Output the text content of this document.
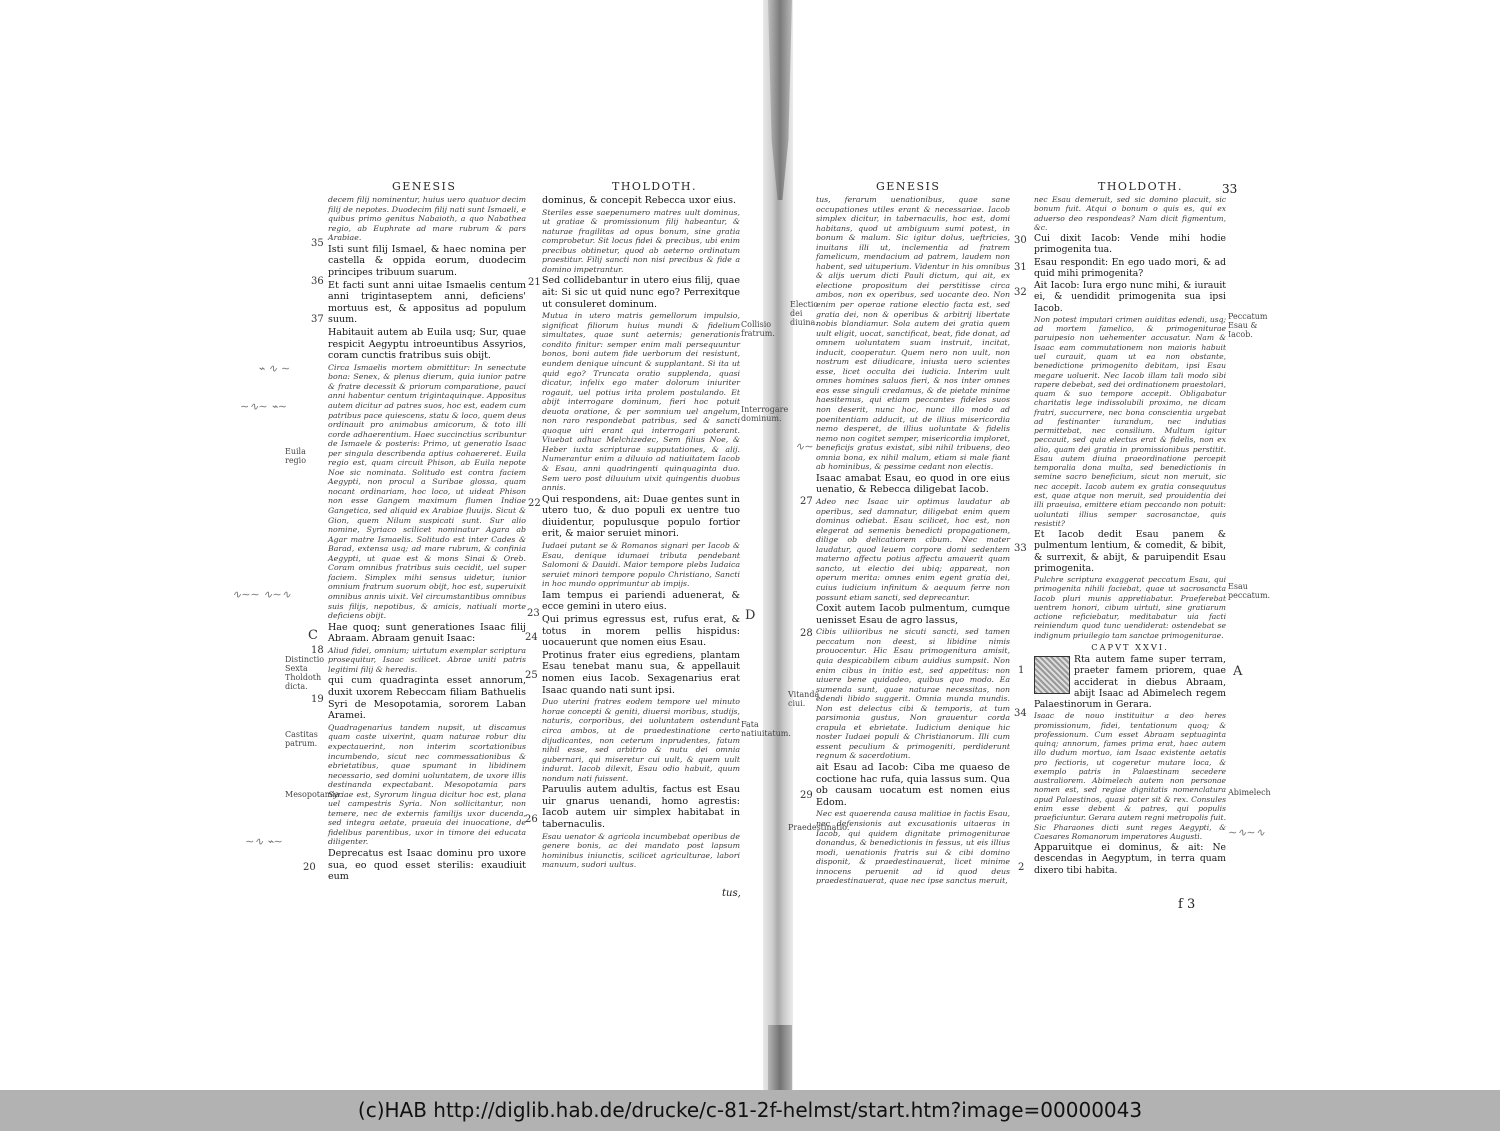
GENESIS	THOLDOTH.

decem filij nominentur, huius uero quatuor decim filij de nepotes. Duodecim filij nati sunt Ismaeli, e quibus primo genitus Nabaioth, a quo Nabathea regio, ab Euphrate ad mare rubrum & pars Arabiae.

Isti sunt filij Ismael, & haec nomina per castella & oppida eorum, duodecim principes tribuum suarum.

Et facti sunt anni uitae Ismaelis centum anni trigintaseptem anni, deficiens' mortuus est, & appositus ad populum suum.

Habitauit autem ab Euila usq; Sur, quae respicit Aegyptu introeuntibus Assyrios, coram cunctis fratribus suis obijt.

Circa Ismaelis mortem obmittitur: In senectute bona: Senex, & plenus dierum, quia iunior patre & fratre decessit & priorum comparatione, pauci anni habentur centum trigintaquinque. Appositus autem dicitur ad patres suos, hoc est, eadem cum patribus pace quiescens, statu & loco, quem deus ordinauit pro animabus amicorum, & toto illi corde adhaerentium. Haec succinctius scribuntur de Ismaele & posteris: Primo, ut generatio Isaac per singula describenda aptius cohaereret. Euila regio est, quam circuit Phison, ab Euila nepote Noe sic nominata. Solitudo est contra faciem Aegypti, non procul a Suribae glossa, quam nocant ordinariam, hoc loco, ut uideat Phison non esse Gangem maximum flumen Indiae Gangetica, sed aliquid ex Arabiae fluuijs. Sicut & Gion, quem Nilum suspicati sunt. Sur alio nomine, Syriaco scilicet nominatur Agara ab Agar matre Ismaelis. Solitudo est inter Cades & Barad, extensa usq; ad mare rubrum, & confinia Aegypti, ut quae est & mons Sinai & Oreb. Coram omnibus fratribus suis cecidit, uel super faciem. Simplex mihi sensus uidetur, iunior omnium fratrum suorum obijt, hoc est, superuixit omnibus annis uixit. Vel circumstantibus omnibus suis filijs, nepotibus, & amicis, natiuali morte deficiens obijt.

Hae quoq; sunt generationes Isaac filij Abraam. Abraam genuit Isaac:

Aliud fidei, omnium; uirtutum exemplar scriptura prosequitur, Isaac scilicet. Abrae uniti patris legitimi filij & heredis.

qui cum quadraginta esset annorum, duxit uxorem Rebeccam filiam Bathuelis Syri de Mesopotamia, sororem Laban Aramei.

Quadragenarius tandem nupsit, ut discamus quam caste uixerint, quam naturae robur diu expectauerint, non interim scortationibus incumbendo, sicut nec commessationibus & ebrietatibus, quae spumant in libidinem necessario, sed domini uoluntatem, de uxore illis destinanda expectabant. Mesopotamia pars Syriae est, Syrorum lingua dicitur hoc est, plana uel campestris Syria. Non sollicitantur, non temere, nec de externis familijs uxor ducenda, sed integra aetate, praeuia dei inuocatione, de fidelibus parentibus, uxor in timore dei educata diligenter.

Deprecatus est Isaac dominu pro uxore sua, eo quod esset sterilis: exaudiuit eum

dominus, & concepit Rebecca uxor eius.

Steriles esse saepenumero matres uult dominus, ut gratiae & promissionum filij habeantur, & naturae fragilitas ad opus bonum, sine gratia comprobetur. Sit locus fidei & precibus, ubi enim precibus obtinetur, quod ab aeterno ordinatum praestitur. Filij sancti non nisi precibus & fide a domino impetrantur.

Sed collidebantur in utero eius filij, quae ait: Si sic ut quid nunc ego? Perrexitque ut consuleret dominum.

Mutua in utero matris gemellorum impulsio, significat filiorum huius mundi & fidelium simultates, quae sunt aeternis; generationis condito finitur: semper enim mali persequuntur bonos, boni autem fide uerborum dei resistunt, eundem denique uincunt & supplantant. Si ita ut quid ego? Truncata oratio supplenda, quasi dicatur, infelix ego mater dolorum iniuriter rogauit, uel potius irita prolem postulando. Et abijt interrogare dominum, fieri hoc potuit deuota oratione, & per somnium uel angelum, non raro respondebat patribus, sed & sancti quoque uiri erant qui interrogari poterant. Viuebat adhuc Melchizedec, Sem filius Noe, & Heber iuxta scripturae supputationes, & alij. Numerantur enim a diluuio ad natiuitatem Iacob & Esau, anni quadringenti quinquaginta duo. Sem uero post diluuium uixit quingentis duobus annis.

Qui respondens, ait: Duae gentes sunt in utero tuo, & duo populi ex uentre tuo diuidentur, populusque populo fortior erit, & maior seruiet minori.

Iudaei putant se & Romanos signari per Iacob & Esau, denique idumaei tributa pendebant Salomoni & Dauidi. Maior tempore plebs Iudaica seruiet minori tempore populo Christiano, Sancti in hoc mundo opprimuntur ab impijs.

Iam tempus ei pariendi aduenerat, & ecce gemini in utero eius.

Qui primus egressus est, rufus erat, & totus in morem pellis hispidus: uocauerunt que nomen eius Esau.

Protinus frater eius egrediens, plantam Esau tenebat manu sua, & appellauit nomen eius Iacob. Sexagenarius erat Isaac quando nati sunt ipsi.

Duo uterini fratres eodem tempore uel minuto horae concepti & geniti, diuersi moribus, studijs, naturis, corporibus, dei uoluntatem ostendunt circa ambos, ut de praedestinatione certo dijudicantes, non ceterum inprudentes, fatum nihil esse, sed arbitrio & nutu dei omnia gubernari, qui miseretur cui uult, & quem uult indurat. Iacob dilexit, Esau odio habuit, quum nondum nati fuissent.

Paruulis autem adultis, factus est Esau uir gnarus uenandi, homo agrestis: Iacob autem uir simplex habitabat in tabernaculis.

Esau uenator & agricola incumbebat operibus de genere bonis, ac dei mandato post lapsum hominibus iniunctis, scilicet agriculturae, labori manuum, sudori uultus.

35
36
37
18
19
20
21
22
23
24
25
26
Euila regio
Distinctio Sexta Tholdoth dicta.
Castitas patrum.
Mesopotamia.
Collisio fratrum.
Interrogare dominum.
Fata natiuitatum.
C
D
tus,
⌁ ∿ ∼
∼∿∼ ⌁∼
∿∼∼ ∿∼∿
∼∿ ⌁∼
GENESIS	THOLDOTH.	33

tus, ferarum uenationibus, quae sane occupationes utiles erant & necessariae. Iacob simplex dicitur, in tabernaculis, hoc est, domi habitans, quod ut ambiguum sumi potest, in bonum & malum. Sic igitur dolus, ueftricies, inuitans illi ut, inclementia ad fratrem famelicum, mendacium ad patrem, laudem non habent, sed uituperium. Videntur in his omnibus & alijs uerum dicti Pauli dictum, qui ait, ex electione propositum dei perstitisse circa ambos, non ex operibus, sed uocante deo. Non enim per operae ratione electio facta est, sed gratia dei, non & operibus & arbitrij libertate nobis blandiamur. Sola autem dei gratia quem uult eligit, uocat, sanctificat, beat, fide donat, ad omnem uoluntatem suam instruit, incitat, inducit, cooperatur. Quem nero non uult, non nostrum est diiudicare, iniusta uero scientes esse, licet occulta dei iudicia. Interim uult omnes homines saluos fieri, & nos inter omnes eos esse singuli credamus, & de pietate minime haesitemus, qui etiam peccantes fideles suos non deserit, nunc hoc, nunc illo modo ad poenitentiam adducit, ut de illius misericordia nemo desperet, de illius uoluntate & fidelis nemo non cogitet semper, misericordia imploret, beneficijs gratus existat, sibi nihil tribuens, deo omnia bona, ex nihil malum, etiam si male fiant ab hominibus, & pessime cedant non electis.

Isaac amabat Esau, eo quod in ore eius uenatio, & Rebecca diligebat Iacob.

Adeo nec Isaac uir optimus laudatur ab operibus, sed damnatur, diligebat enim quem dominus odiebat. Esau scilicet, hoc est, non elegerat ad semenis benedicti propagationem, dilige ob delicatiorem cibum. Nec mater laudatur, quod leuem corpore domi sedentem materno affectu potius affectu amauerit quam sancto, ut electio dei ubiq; appareat, non operum merita: omnes enim egent gratia dei, cuius iudicium infinitum & aequum ferre non possunt etiam sancti, sed deprecantur.

Coxit autem Iacob pulmentum, cumque uenisset Esau de agro lassus,

Cibis uiliioribus ne sicuti sancti, sed tamen peccatum non deest, si libidine nimis prouocentur. Hic Esau primogenitura amisit, quia despicabilem cibum auidius sumpsit. Non enim cibus in initio est, sed appetitus: non uiuere bene quidadeo, quibus quo modo. Ea sumenda sunt, quae naturae necessitas, non edendi libido suggerit. Omnia munda mundis. Non est delectus cibi & temporis, at tum parsimonia gustus, Non grauentur corda crapula et ebrietate. Iudicium denique hic noster Iudaei populi & Christianorum. Illi cum essent peculium & primogeniti, perdiderunt regnum & sacerdotium.

ait Esau ad Iacob: Ciba me quaeso de coctione hac rufa, quia lassus sum. Qua ob causam uocatum est nomen eius Edom.

Nec est quaerenda causa malitiae in factis Esau, nec defensionis aut excusationis uitaeras in Iacob, qui quidem dignitate primogeniturae donandus, & benedictionis in fessus, ut eis illius modi, uenationis fratris sui & cibi domino disponit, & praedestinauerat, licet minime innocens peruenit ad id quod deus praedestinauerat, quae nec ipse sanctus meruit,

nec Esau demeruit, sed sic domino placuit, sic bonum fuit. Atqui o bonum o quis es, qui ex aduerso deo respondeas? Nam dicit figmentum, &c.

Cui dixit Iacob: Vende mihi hodie primogenita tua.

Esau respondit: En ego uado mori, & ad quid mihi primogenita?

Ait Iacob: Iura ergo nunc mihi, & iurauit ei, & uendidit primogenita sua ipsi Iacob.

Non potest imputari crimen auiditas edendi, usq; ad mortem famelico, & primogeniturae paruipesio non uehementer accusatur. Nam & Isaac eam commutationem non maioris habuit uel curauit, quam ut ea non obstante, benedictione primogenito debitam, ipsi Esau megare uoluerit. Nec Iacob illam tali modo sibi rapere debebat, sed dei ordinationem praestolari, quam & suo tempore accepit. Obligabatur charitatis lege indissolubili proximo, ne dicam fratri, succurrere, nec bona conscientia urgebat ad festinanter iurandum, nec indutias permittebat, nec consilium. Multum igitur peccauit, sed quia electus erat & fidelis, non ex alio, quam dei gratia in promissionibus perstitit. Esau autem diuina praeordinatione percepit temporalia dona multa, sed benedictionis in semine sacro beneficium, sicut non meruit, sic nec accepit. Iacob autem ex gratia consequutus est, quae atque non meruit, sed prouidentia dei illi praeuisa, emittere etiam peccando non potuit: uoluntati illius semper sacrosanctae, quis resistit?

Et Iacob dedit Esau panem & pulmentum lentium, & comedit, & bibit, & surrexit, & abijt, & paruipendit Esau primogenita.

Pulchre scriptura exaggerat peccatum Esau, qui primogenita nihili faciebat, quae ut sacrosancta Iacob pluri munis appretiabatur. Praeferebat uentrem honori, cibum uirtuti, sine gratiarum actione reficiebatur, meditabatur uia facti reiniendum quod tunc uendiderat: ostendebat se indignum priuilegio tam sanctae primogeniturae.

CAPVT XXVI.

Rta autem fame super terram, praeter famem priorem, quae acciderat in diebus Abraam, abijt Isaac ad Abimelech regem Palaestinorum in Gerara.

Isaac de nouo instituitur a deo heres promissionum, fidei, tentationum quoq; & professionum. Cum esset Abraam septuaginta quinq; annorum, fames prima erat, haec autem illo dudum mortuo, iam Isaac existente aetatis pro fectioris, ut cogeretur mutare loca, & exemplo patris in Palaestinam secedere australiorem. Abimelech autem non personae nomen est, sed regiae dignitatis nomenclatura apud Palaestinos, quasi pater sit & rex. Consules enim esse debent & patres, qui populis praeficiuntur. Gerara autem regni metropolis fuit. Sic Pharaones dicti sunt reges Aegypti, & Caesares Romanorum imperatores Augusti.

Apparuitque ei dominus, & ait: Ne descendas in Aegyptum, in terra quam dixero tibi habita.

30
31
32
27
33
28
29
34
1
2
Electio dei diuina.
Peccatum Esau & Iacob.
Esau peccatum.
Vitanda ciui.
Praedestinatio.
Abimelech
A
∿∼
∼∿∼∿
f 3
(c)HAB http://diglib.hab.de/drucke/c-81-2f-helmst/start.htm?image=00000043
